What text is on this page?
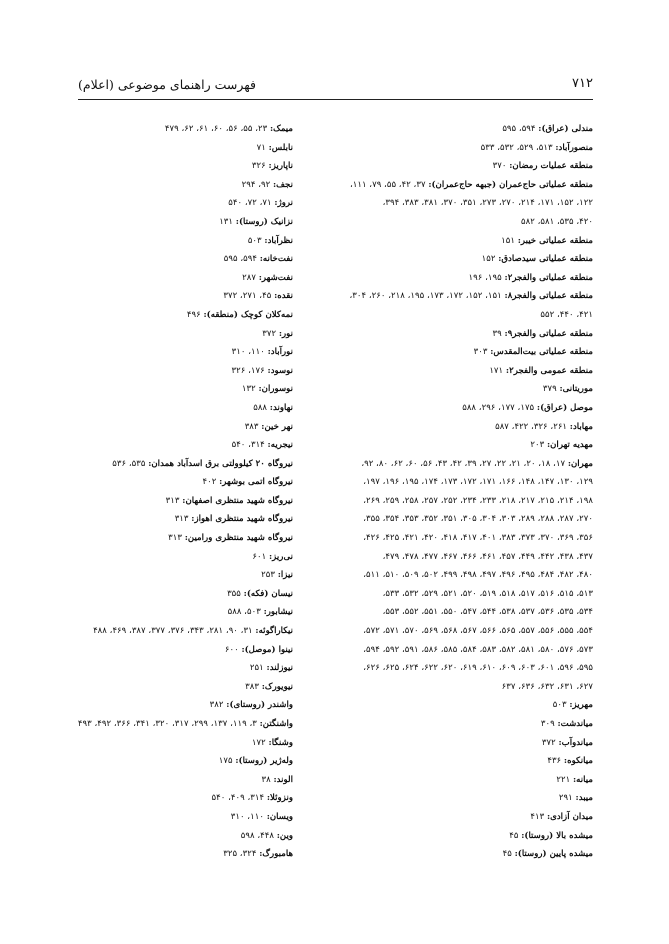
۷۱۲
فهرست راهنمای موضوعی (اعلام)
مندلی (عراق): ۵۹۴، ۵۹۵
منصورآباد: ۵۱۳، ۵۲۹، ۵۳۲، ۵۳۳
منطقه عملیات رمضان: ۳۷۰
منطقه عملیاتی حاج‌عمران (جبهه حاج‌عمران): ۳۷، ۴۲، ۵۵، ۷۹، ۱۱۱،
۱۲۲، ۱۵۲، ۱۷۱، ۲۱۴، ۲۷۰، ۲۷۳، ۳۵۱، ۳۷۰، ۳۸۱، ۳۸۳، ۳۹۴،
۴۲۰، ۵۳۵، ۵۸۱، ۵۸۲
منطقه عملیاتی خیبر: ۱۵۱
منطقه عملیاتی سیدصادق: ۱۵۲
منطقه عملیاتی والفجر۲: ۱۹۵، ۱۹۶
منطقه عملیاتی والفجر۸: ۱۵۱، ۱۵۲، ۱۷۲، ۱۷۳، ۱۹۵، ۲۱۸، ۲۶۰، ۳۰۴،
۴۲۱، ۴۴۰، ۵۵۲
منطقه عملیاتی والفجر۹: ۳۹
منطقه عملیاتی بیت‌المقدس: ۳۰۳
منطقه عمومی والفجر۲: ۱۷۱
موریتانی: ۳۷۹
موصل (عراق): ۱۷۵، ۱۷۷، ۲۹۶، ۵۸۸
مهاباد: ۲۶۱، ۳۲۶، ۴۲۲، ۵۸۷
مهدیه تهران: ۲۰۳
مهران: ۱۷، ۱۸، ۲۰، ۲۱، ۲۲، ۲۷، ۳۹، ۴۲، ۴۳، ۵۶، ۶۰، ۶۲، ۸۰، ۹۲،
۱۲۹، ۱۳۰، ۱۴۷، ۱۴۸، ۱۶۶، ۱۷۱، ۱۷۲، ۱۷۳، ۱۷۴، ۱۹۵، ۱۹۶، ۱۹۷،
۱۹۸، ۲۱۴، ۲۱۵، ۲۱۷، ۲۱۸، ۲۳۳، ۲۳۴، ۲۵۲، ۲۵۷، ۲۵۸، ۲۵۹، ۲۶۹،
۲۷۰، ۲۸۷، ۲۸۸، ۲۸۹، ۳۰۳، ۳۰۴، ۳۰۵، ۳۵۱، ۳۵۲، ۳۵۳، ۳۵۴، ۳۵۵،
۳۵۶، ۳۶۹، ۳۷۰، ۳۷۳، ۳۸۳، ۴۰۱، ۴۱۷، ۴۱۸، ۴۲۰، ۴۲۱، ۴۲۵، ۴۲۶،
۴۳۷، ۴۳۸، ۴۴۲، ۴۴۹، ۴۵۷، ۴۶۱، ۴۶۶، ۴۶۷، ۴۷۷، ۴۷۸، ۴۷۹،
۴۸۰، ۴۸۲، ۴۸۴، ۴۹۵، ۴۹۶، ۴۹۷، ۴۹۸، ۴۹۹، ۵۰۲، ۵۰۹، ۵۱۰، ۵۱۱،
۵۱۳، ۵۱۵، ۵۱۶، ۵۱۷، ۵۱۸، ۵۱۹، ۵۲۰، ۵۲۱، ۵۲۹، ۵۳۲، ۵۳۳،
۵۳۴، ۵۳۵، ۵۳۶، ۵۳۷، ۵۳۸، ۵۴۴، ۵۴۷، ۵۵۰، ۵۵۱، ۵۵۲، ۵۵۳،
۵۵۴، ۵۵۵، ۵۵۶، ۵۵۷، ۵۶۵، ۵۶۶، ۵۶۷، ۵۶۸، ۵۶۹، ۵۷۰، ۵۷۱، ۵۷۲،
۵۷۳، ۵۷۶، ۵۸۰، ۵۸۱، ۵۸۲، ۵۸۳، ۵۸۴، ۵۸۵، ۵۸۶، ۵۹۱، ۵۹۲، ۵۹۴،
۵۹۵، ۵۹۶، ۶۰۱، ۶۰۳، ۶۰۹، ۶۱۰، ۶۱۹، ۶۲۰، ۶۲۲، ۶۲۴، ۶۲۵، ۶۲۶،
۶۲۷، ۶۳۱، ۶۳۲، ۶۳۶، ۶۳۷
مهریز: ۵۰۳
میاندشت: ۳۰۹
میاندوآب: ۳۷۲
میانکوه: ۴۳۶
میانه: ۲۲۱
میبد: ۲۹۱
میدان آزادی: ۴۱۳
میشده بالا (روستا): ۴۵
میشده پایین (روستا): ۴۵
میمک: ۲۳، ۵۵، ۵۶، ۶۰، ۶۱، ۶۲، ۴۷۹
نابلس: ۷۱
ناپاریز: ۳۲۶
نجف: ۹۲، ۲۹۴
نروژ: ۷۱، ۷۲، ۵۴۰
نزانیک (روستا): ۱۳۱
نظرآباد: ۵۰۳
نفت‌خانه: ۵۹۴، ۵۹۵
نفت‌شهر: ۲۸۷
نقده: ۴۵، ۲۷۱، ۳۷۲
نمه‌کلان کوچک (منطقه): ۴۹۶
نور: ۳۷۲
نورآباد: ۱۱۰، ۳۱۰
نوسود: ۱۷۶، ۳۲۶
نوسوران: ۱۳۲
نهاوند: ۵۸۸
نهر خین: ۳۸۳
نیجریه: ۳۱۴، ۵۴۰
نیروگاه ۲۰ کیلوولتی برق اسدآباد همدان: ۵۳۵، ۵۳۶
نیروگاه اتمی بوشهر: ۴۰۲
نیروگاه شهید منتظری اصفهان: ۳۱۳
نیروگاه شهید منتظری اهواز: ۳۱۳
نیروگاه شهید منتظری ورامین: ۳۱۳
نی‌ریز: ۶۰۱
نیزا: ۲۵۳
نیسان (فکه): ۳۵۵
نیشابور: ۵۰۳، ۵۸۸
نیکاراگوئه: ۳۱، ۹۰، ۲۸۱، ۳۴۳، ۳۷۶، ۳۷۷، ۳۸۷، ۴۶۹، ۴۸۸
نینوا (موصل): ۶۰۰
نیوزلند: ۲۵۱
نیویورک: ۳۸۳
واشندر (روستای): ۳۸۲
واشنگتن: ۳، ۱۱۹، ۱۳۷، ۲۹۹، ۳۱۷، ۳۲۰، ۳۴۱، ۳۶۶، ۴۹۲، ۴۹۳
وشنگا: ۱۷۲
وله‌ژیر (روستا): ۱۷۵
الوند: ۳۸
ونزوئلا: ۳۱۴، ۴۰۹، ۵۴۰
ویسان: ۱۱۰، ۳۱۰
وین: ۴۴۸، ۵۹۸
هامبورگ: ۳۲۴، ۳۲۵
